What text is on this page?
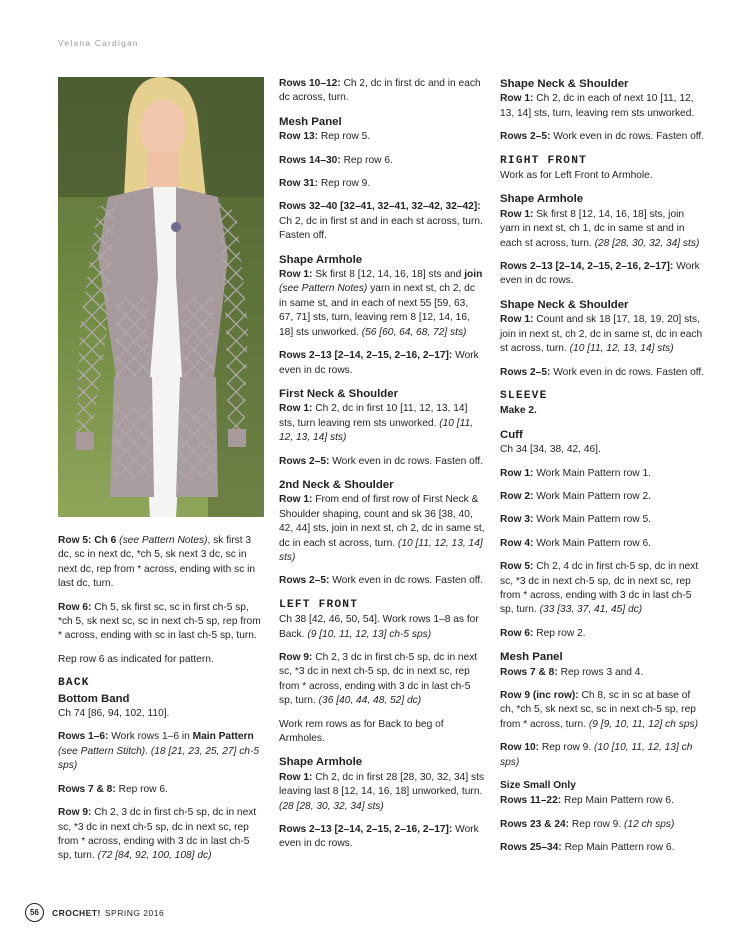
Velana Cardigan

Row 5: Ch 6 (see Pattern Notes), sk first 3 dc, sc in next dc, *ch 5, sk next 3 dc, sc in next dc, rep from * across, ending with sc in last dc, turn.

Row 6: Ch 5, sk first sc, sc in first ch-5 sp, *ch 5, sk next sc, sc in next ch-5 sp, rep from * across, ending with sc in last ch-5 sp, turn.

Rep row 6 as indicated for pattern.

BACK
Bottom Band

Ch 74 [86, 94, 102, 110].

Rows 1–6: Work rows 1–6 in Main Pattern (see Pattern Stitch). (18 [21, 23, 25, 27] ch-5 sps)

Rows 7 & 8: Rep row 6.

Row 9: Ch 2, 3 dc in first ch-5 sp, dc in next sc, *3 dc in next ch-5 sp, dc in next sc, rep from * across, ending with 3 dc in last ch-5 sp, turn. (72 [84, 92, 100, 108] dc)

Rows 10–12: Ch 2, dc in first dc and in each dc across, turn.

Mesh Panel

Row 13: Rep row 5.

Rows 14–30: Rep row 6.

Row 31: Rep row 9.

Rows 32–40 [32–41, 32–41, 32–42, 32–42]: Ch 2, dc in first st and in each st across, turn. Fasten off.

Shape Armhole

Row 1: Sk first 8 [12, 14, 16, 18] sts and join (see Pattern Notes) yarn in next st, ch 2, dc in same st, and in each of next 55 [59, 63, 67, 71] sts, turn, leaving rem 8 [12, 14, 16, 18] sts unworked. (56 [60, 64, 68, 72] sts)

Rows 2–13 [2–14, 2–15, 2–16, 2–17]: Work even in dc rows.

First Neck & Shoulder

Row 1: Ch 2, dc in first 10 [11, 12, 13, 14] sts, turn leaving rem sts unworked. (10 [11, 12, 13, 14] sts)

Rows 2–5: Work even in dc rows. Fasten off.

2nd Neck & Shoulder

Row 1: From end of first row of First Neck & Shoulder shaping, count and sk 36 [38, 40, 42, 44] sts, join in next st, ch 2, dc in same st, dc in each st across, turn. (10 [11, 12, 13, 14] sts)

Rows 2–5: Work even in dc rows. Fasten off.

LEFT FRONT

Ch 38 [42, 46, 50, 54]. Work rows 1–8 as for Back. (9 [10, 11, 12, 13] ch-5 sps)

Row 9: Ch 2, 3 dc in first ch-5 sp, dc in next sc, *3 dc in next ch-5 sp, dc in next sc, rep from * across, ending with 3 dc in last ch-5 sp, turn. (36 [40, 44, 48, 52] dc)

Work rem rows as for Back to beg of Armholes.

Shape Armhole

Row 1: Ch 2, dc in first 28 [28, 30, 32, 34] sts leaving last 8 [12, 14, 16, 18] unworked, turn. (28 [28, 30, 32, 34] sts)

Rows 2–13 [2–14, 2–15, 2–16, 2–17]: Work even in dc rows.

Shape Neck & Shoulder

Row 1: Ch 2, dc in each of next 10 [11, 12, 13, 14] sts, turn, leaving rem sts unworked.

Rows 2–5: Work even in dc rows. Fasten off.

RIGHT FRONT

Work as for Left Front to Armhole.

Shape Armhole

Row 1: Sk first 8 [12, 14, 16, 18] sts, join yarn in next st, ch 1, dc in same st and in each st across, turn. (28 [28, 30, 32, 34] sts)

Rows 2–13 [2–14, 2–15, 2–16, 2–17]: Work even in dc rows.

Shape Neck & Shoulder

Row 1: Count and sk 18 [17, 18, 19, 20] sts, join in next st, ch 2, dc in same st, dc in each st across, turn. (10 [11, 12, 13, 14] sts)

Rows 2–5: Work even in dc rows. Fasten off.

SLEEVE

Make 2.

Cuff

Ch 34 [34, 38, 42, 46].

Row 1: Work Main Pattern row 1.

Row 2: Work Main Pattern row 2.

Row 3: Work Main Pattern row 5.

Row 4: Work Main Pattern row 6.

Row 5: Ch 2, 4 dc in first ch-5 sp, dc in next sc, *3 dc in next ch-5 sp, dc in next sc, rep from * across, ending with 3 dc in last ch-5 sp, turn. (33 [33, 37, 41, 45] dc)

Row 6: Rep row 2.

Mesh Panel

Rows 7 & 8: Rep rows 3 and 4.

Row 9 (inc row): Ch 8, sc in sc at base of ch, *ch 5, sk next sc, sc in next ch-5 sp, rep from * across, turn. (9 [9, 10, 11, 12] ch sps)

Row 10: Rep row 9. (10 [10, 11, 12, 13] ch sps)

Size Small Only

Rows 11–22: Rep Main Pattern row 6.

Rows 23 & 24: Rep row 9. (12 ch sps)

Rows 25–34: Rep Main Pattern row 6.

56	CROCHET! SPRING 2016
